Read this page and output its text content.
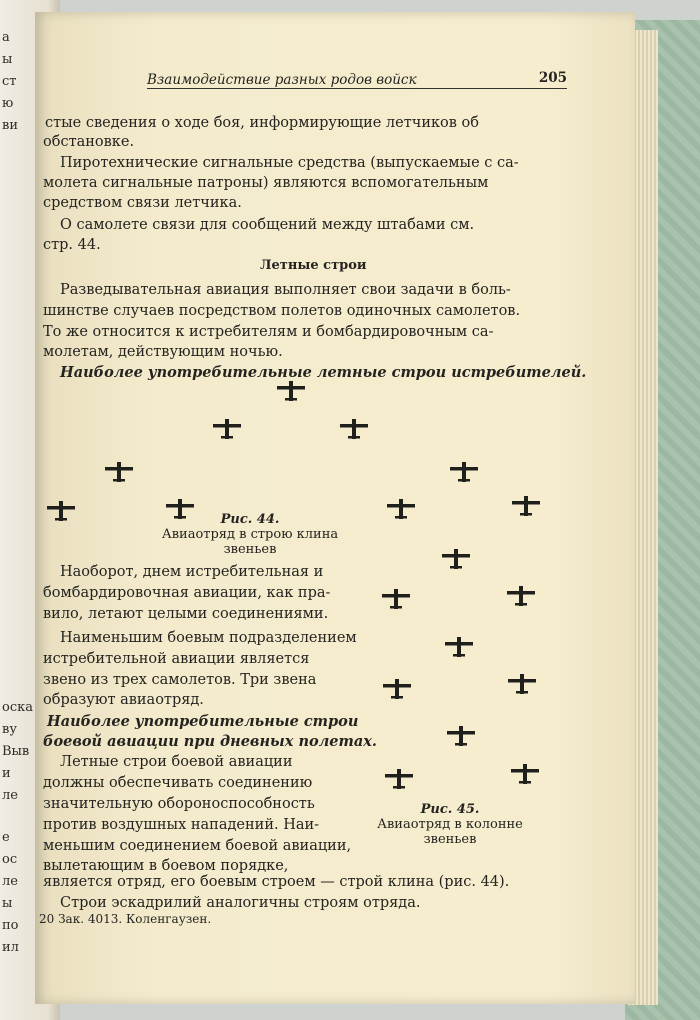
а
ы
ст
ю
ви
оска
ву
Выв
и
ле
е
ос
ле
ы
по
ил
Взаимодействие разных родов войск	205
стые сведения о ходе боя, информирующие летчиков об
обстановке.
Пиротехнические сигнальные средства (выпускаемые с са-
молета сигнальные патроны) являются вспомогательным
средством связи летчика.
О самолете связи для сообщений между штабами см.
стр. 44.
Летные строи
Разведывательная авиация выполняет свои задачи в боль-
шинстве случаев посредством полетов одиночных самолетов.
То же относится к истребителям и бомбардировочным са-
молетам, действующим ночью.
Наиболее употребительные летные строи истребителей.
Рис. 44.
Авиаотряд в строю клина звеньев
Рис. 45.
Авиаотряд в колонне
звеньев
Наоборот, днем истребительная и
бомбардировочная авиации, как пра-
вило, летают целыми соединениями.
Наименьшим боевым подразделением
истребительной авиации является
звено из трех самолетов. Три звена
образуют авиаотряд.
Наиболее употребительные строи
боевой авиации при дневных полетах.
Летные строи боевой авиации
должны обеспечивать соединению
значительную обороноспособность
против воздушных нападений. Наи-
меньшим соединением боевой авиации,
вылетающим в боевом порядке,
является отряд, его боевым строем — строй клина (рис. 44).
Строи эскадрилий аналогичны строям отряда.
20 Зак. 4013. Коленгаузен.
